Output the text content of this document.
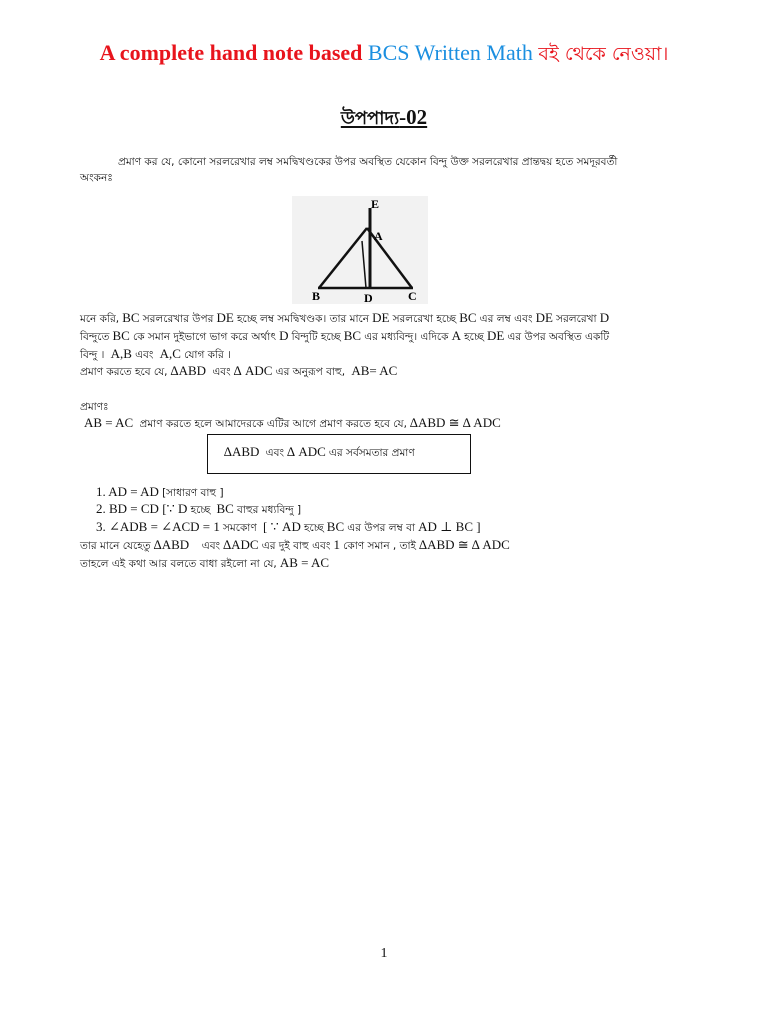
A complete hand note based BCS Written Math বই থেকে নেওয়া।
উপপাদ্য-02
প্রমাণ কর যে, কোনো সরলরেখার লম্ব সমদ্বিখণ্ডকের উপর অবস্থিত যেকোন বিন্দু উক্ত সরলরেখার প্রান্তদ্বয় হতে সমদূরবর্তী
অংকনঃ
E
A
B	D	C
মনে করি, BC সরলরেখার উপর DE হচ্ছে লম্ব সমদ্বিখণ্ডক। তার মানে DE সরলরেখা হচ্ছে BC এর লম্ব এবং DE সরলরেখা D
বিন্দুতে BC কে সমান দুইভাগে ভাগ করে অর্থাৎ D বিন্দুটি হচ্ছে BC এর মধ্যবিন্দু। এদিকে A হচ্ছে DE এর উপর অবস্থিত একটি
বিন্দু । A,B এবং A,C যোগ করি ।
প্রমাণ করতে হবে যে, ∆ABD এবং ∆ ADC এর অনুরূপ বাহু, AB= AC
প্রমাণঃ
AB = AC প্রমাণ করতে হলে আমাদেরকে এটির আগে প্রমাণ করতে হবে যে, ∆ABD ≅ ∆ ADC
∆ABD এবং ∆ ADC এর সর্বসমতার প্রমাণ
1. AD = AD [সাধারণ বাহু ]
2. BD = CD [∵ D হচ্ছে BC বাহুর মধ্যবিন্দু ]
3. ∠ADB = ∠ACD = 1 সমকোণ [ ∵ AD হচ্ছে BC এর উপর লম্ব বা AD ⊥ BC ]
তার মানে যেহেতু ∆ABD এবং ∆ADC এর দুই বাহু এবং 1 কোণ সমান , তাই ∆ABD ≅ ∆ ADC
তাহলে এই কথা আর বলতে বাধা রইলো না যে, AB = AC
1
